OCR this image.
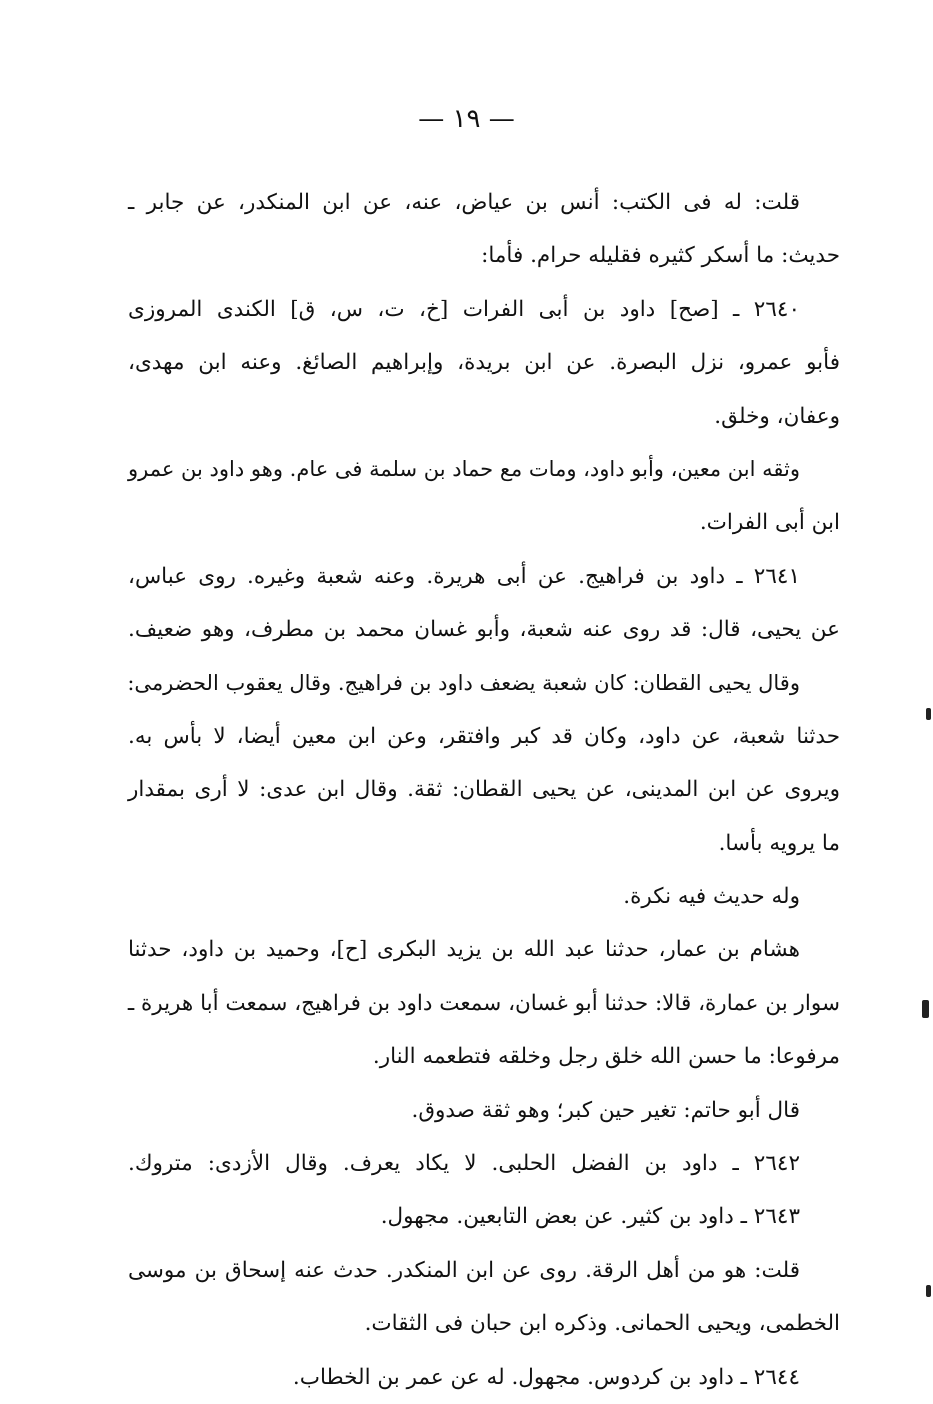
— ١٩ —
قلت: له فى الكتب: أنس بن عياض، عنه، عن ابن المنكدر، عن جابر ـ
حديث: ما أسكر كثيره فقليله حرام. فأما:
٢٦٤٠ ـ [صح] داود بن أبى الفرات [خ، ت، س، ق] الكندى المروزى
فأبو عمرو، نزل البصرة. عن ابن بريدة، وإبراهيم الصائغ. وعنه ابن مهدى،
وعفان، وخلق.
وثقه ابن معين، وأبو داود، ومات مع حماد بن سلمة فى عام. وهو داود بن عمرو
ابن أبى الفرات.
٢٦٤١ ـ داود بن فراهيج. عن أبى هريرة. وعنه شعبة وغيره. روى عباس،
عن يحيى، قال: قد روى عنه شعبة، وأبو غسان محمد بن مطرف، وهو ضعيف.
وقال يحيى القطان: كان شعبة يضعف داود بن فراهيج. وقال يعقوب الحضرمى:
حدثنا شعبة، عن داود، وكان قد كبر وافتقر، وعن ابن معين أيضا، لا بأس به.
ويروى عن ابن المدينى، عن يحيى القطان: ثقة. وقال ابن عدى: لا أرى بمقدار
ما يرويه بأسا.
وله حديث فيه نكرة.
هشام بن عمار، حدثنا عبد الله بن يزيد البكرى [ح]، وحميد بن داود، حدثنا
سوار بن عمارة، قالا: حدثنا أبو غسان، سمعت داود بن فراهيج، سمعت أبا هريرة ـ
مرفوعا: ما حسن الله خلق رجل وخلقه فتطعمه النار.
قال أبو حاتم: تغير حين كبر؛ وهو ثقة صدوق.
٢٦٤٢ ـ داود بن الفضل الحلبى. لا يكاد يعرف. وقال الأزدى: متروك.
٢٦٤٣ ـ داود بن كثير. عن بعض التابعين. مجهول.
قلت: هو من أهل الرقة. روى عن ابن المنكدر. حدث عنه إسحاق بن موسى
الخطمى، ويحيى الحمانى. وذكره ابن حبان فى الثقات.
٢٦٤٤ ـ داود بن كردوس. مجهول. له عن عمر بن الخطاب.
